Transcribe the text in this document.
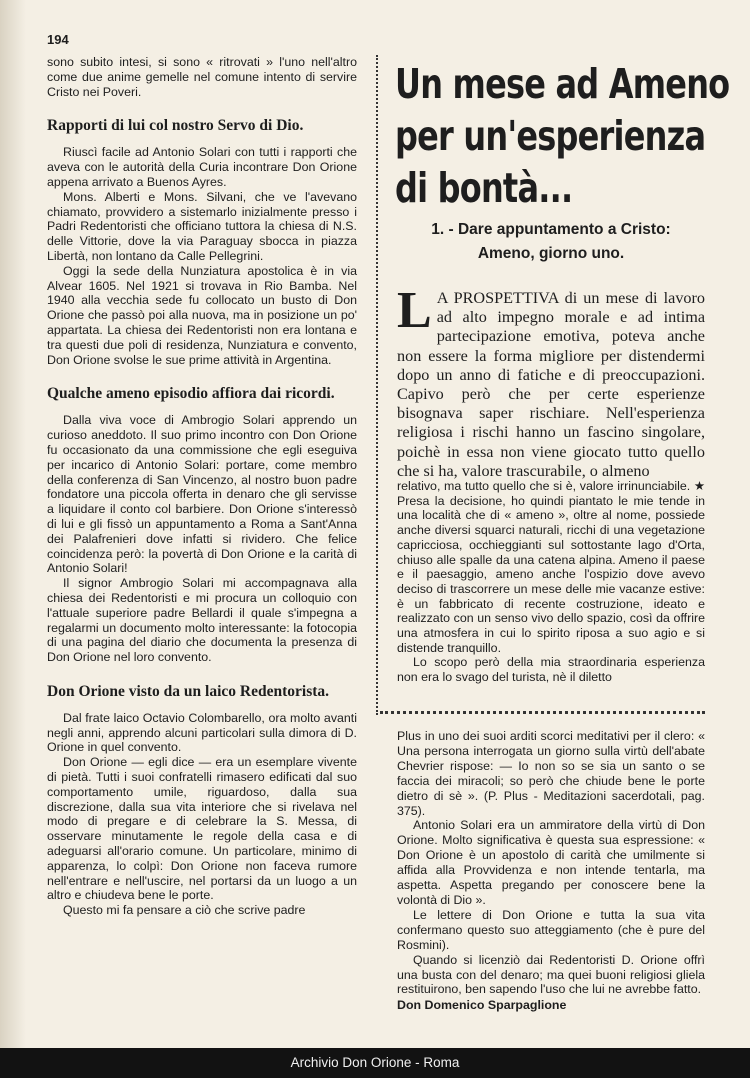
194

sono subito intesi, si sono « ritrovati » l'uno nell'altro come due anime gemelle nel comune intento di servire Cristo nei Poveri.

Rapporti di lui col nostro Servo di Dio.

Riuscì facile ad Antonio Solari con tutti i rapporti che aveva con le autorità della Curia incontrare Don Orione appena arrivato a Buenos Ayres.

Mons. Alberti e Mons. Silvani, che ve l'avevano chiamato, provvidero a sistemarlo inizialmente presso i Padri Redentoristi che officiano tuttora la chiesa di N.S. delle Vittorie, dove la via Paraguay sbocca in piazza Libertà, non lontano da Calle Pellegrini.

Oggi la sede della Nunziatura apostolica è in via Alvear 1605. Nel 1921 si trovava in Rio Bamba. Nel 1940 alla vecchia sede fu collocato un busto di Don Orione che passò poi alla nuova, ma in posizione un po' appartata. La chiesa dei Redentoristi non era lontana e tra questi due poli di residenza, Nunziatura e convento, Don Orione svolse le sue prime attività in Argentina.

Qualche ameno episodio affiora dai ricordi.

Dalla viva voce di Ambrogio Solari apprendo un curioso aneddoto. Il suo primo incontro con Don Orione fu occasionato da una commissione che egli eseguiva per incarico di Antonio Solari: portare, come membro della conferenza di San Vincenzo, al nostro buon padre fondatore una piccola offerta in denaro che gli servisse a liquidare il conto col barbiere. Don Orione s'interessò di lui e gli fissò un appuntamento a Roma a Sant'Anna dei Palafrenieri dove infatti si rividero. Che felice coincidenza però: la povertà di Don Orione e la carità di Antonio Solari!

Il signor Ambrogio Solari mi accompagnava alla chiesa dei Redentoristi e mi procura un colloquio con l'attuale superiore padre Bellardi il quale s'impegna a regalarmi un documento molto interessante: la fotocopia di una pagina del diario che documenta la presenza di Don Orione nel loro convento.

Don Orione visto da un laico Redentorista.

Dal frate laico Octavio Colombarello, ora molto avanti negli anni, apprendo alcuni particolari sulla dimora di D. Orione in quel convento.

Don Orione — egli dice — era un esemplare vivente di pietà. Tutti i suoi confratelli rimasero edificati dal suo comportamento umile, riguardoso, dalla sua discrezione, dalla sua vita interiore che si rivelava nel modo di pregare e di celebrare la S. Messa, di osservare minutamente le regole della casa e di adeguarsi all'orario comune. Un particolare, minimo di apparenza, lo colpì: Don Orione non faceva rumore nell'entrare e nell'uscire, nel portarsi da un luogo a un altro e chiudeva bene le porte.

Questo mi fa pensare a ciò che scrive padre

Un mese ad Ameno
per un'esperienza
di bontà...
1. - Dare appuntamento a Cristo:
Ameno, giorno uno.
L A PROSPETTIVA di un mese di lavoro ad alto impegno morale e ad intima partecipazione emotiva, poteva anche non essere la forma migliore per distendermi dopo un anno di fatiche e di preoccupazioni. Capivo però che per certe esperienze bisognava saper rischiare. Nell'esperienza religiosa i rischi hanno un fascino singolare, poichè in essa non viene giocato tutto quello che si ha, valore trascurabile, o almeno

relativo, ma tutto quello che si è, valore irrinunciabile. ★ Presa la decisione, ho quindi piantato le mie tende in una località che di « ameno », oltre al nome, possiede anche diversi squarci naturali, ricchi di una vegetazione capricciosa, occhieggianti sul sottostante lago d'Orta, chiuso alle spalle da una catena alpina. Ameno il paese e il paesaggio, ameno anche l'ospizio dove avevo deciso di trascorrere un mese delle mie vacanze estive: è un fabbricato di recente costruzione, ideato e realizzato con un senso vivo dello spazio, così da offrire una atmosfera in cui lo spirito riposa a suo agio e si distende tranquillo.

Lo scopo però della mia straordinaria esperienza non era lo svago del turista, nè il diletto

Plus in uno dei suoi arditi scorci meditativi per il clero: « Una persona interrogata un giorno sulla virtù dell'abate Chevrier rispose: — Io non so se sia un santo o se faccia dei miracoli; so però che chiude bene le porte dietro di sè ». (P. Plus - Meditazioni sacerdotali, pag. 375).

Antonio Solari era un ammiratore della virtù di Don Orione. Molto significativa è questa sua espressione: « Don Orione è un apostolo di carità che umilmente si affida alla Provvidenza e non intende tentarla, ma aspetta. Aspetta pregando per conoscere bene la volontà di Dio ».

Le lettere di Don Orione e tutta la sua vita confermano questo suo atteggiamento (che è pure del Rosmini).

Quando si licenziò dai Redentoristi D. Orione offrì una busta con del denaro; ma quei buoni religiosi gliela restituirono, ben sapendo l'uso che lui ne avrebbe fatto.

Don Domenico Sparpaglione

Archivio Don Orione - Roma
